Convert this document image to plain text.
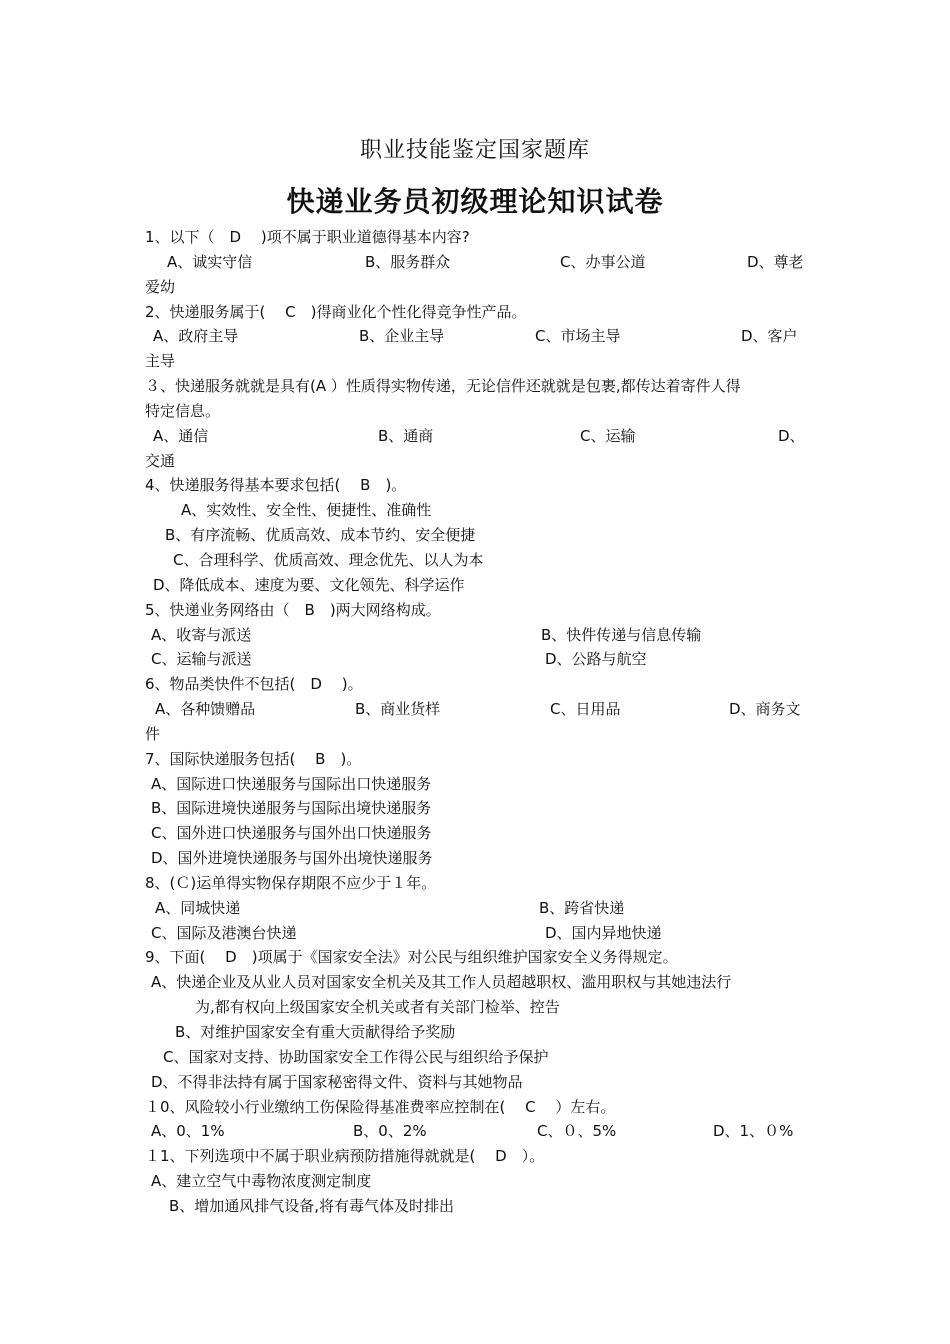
职业技能鉴定国家题库
快递业务员初级理论知识试卷
1、以下（　D　 )项不属于职业道德得基本内容?
A、诚实守信	B、服务群众	C、办事公道	D、尊老
爱幼
2、快递服务属于(　 C　)得商业化个性化得竞争性产品。
A、政府主导	B、企业主导	C、市场主导	D、客户
主导
３、快递服务就就是具有(A ）性质得实物传递，无论信件还就就是包裹,都传达着寄件人得
特定信息。
A、通信	B、通商	C、运输	D、
交通
4、快递服务得基本要求包括(　 B　)。
A、实效性、安全性、便捷性、准确性
B、有序流畅、优质高效、成本节约、安全便捷
C、合理科学、优质高效、理念优先、以人为本
D、降低成本、速度为要、文化领先、科学运作
5、快递业务网络由（　B　)两大网络构成。
A、收寄与派送	B、快件传递与信息传输
C、运输与派送	D、公路与航空
6、物品类快件不包括(　D　 )。
A、各种馈赠品	B、商业货样	C、日用品	D、商务文
件
7、国际快递服务包括(　 B　)。
A、国际进口快递服务与国际出口快递服务
B、国际进境快递服务与国际出境快递服务
C、国外进口快递服务与国外出口快递服务
D、国外进境快递服务与国外出境快递服务
8、(Ｃ)运单得实物保存期限不应少于１年。
A、同城快递	B、跨省快递
C、国际及港澳台快递	D、国内异地快递
9、下面(　 D　)项属于《国家安全法》对公民与组织维护国家安全义务得规定。
A、快递企业及从业人员对国家安全机关及其工作人员超越职权、滥用职权与其她违法行
为,都有权向上级国家安全机关或者有关部门检举、控告
B、对维护国家安全有重大贡献得给予奖励
C、国家对支持、协助国家安全工作得公民与组织给予保护
D、不得非法持有属于国家秘密得文件、资料与其她物品
１0、风险较小行业缴纳工伤保险得基准费率应控制在(　 C　 ）左右。
A、0、1%	B、0、2%	C、０、5%	D、1、０%
１1、下列选项中不属于职业病预防措施得就就是(　 D　）。
A、建立空气中毒物浓度测定制度
B、增加通风排气设备,将有毒气体及时排出
